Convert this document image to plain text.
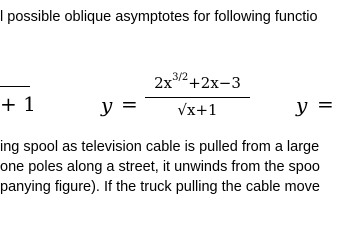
l possible oblique asymptotes for following functio
+ 1	y =
$2x^{3/2}+2x-3$
√x+1	y =
ing spool as television cable is pulled from a large
one poles along a street, it unwinds from the spoo
panying figure). If the truck pulling the cable move
